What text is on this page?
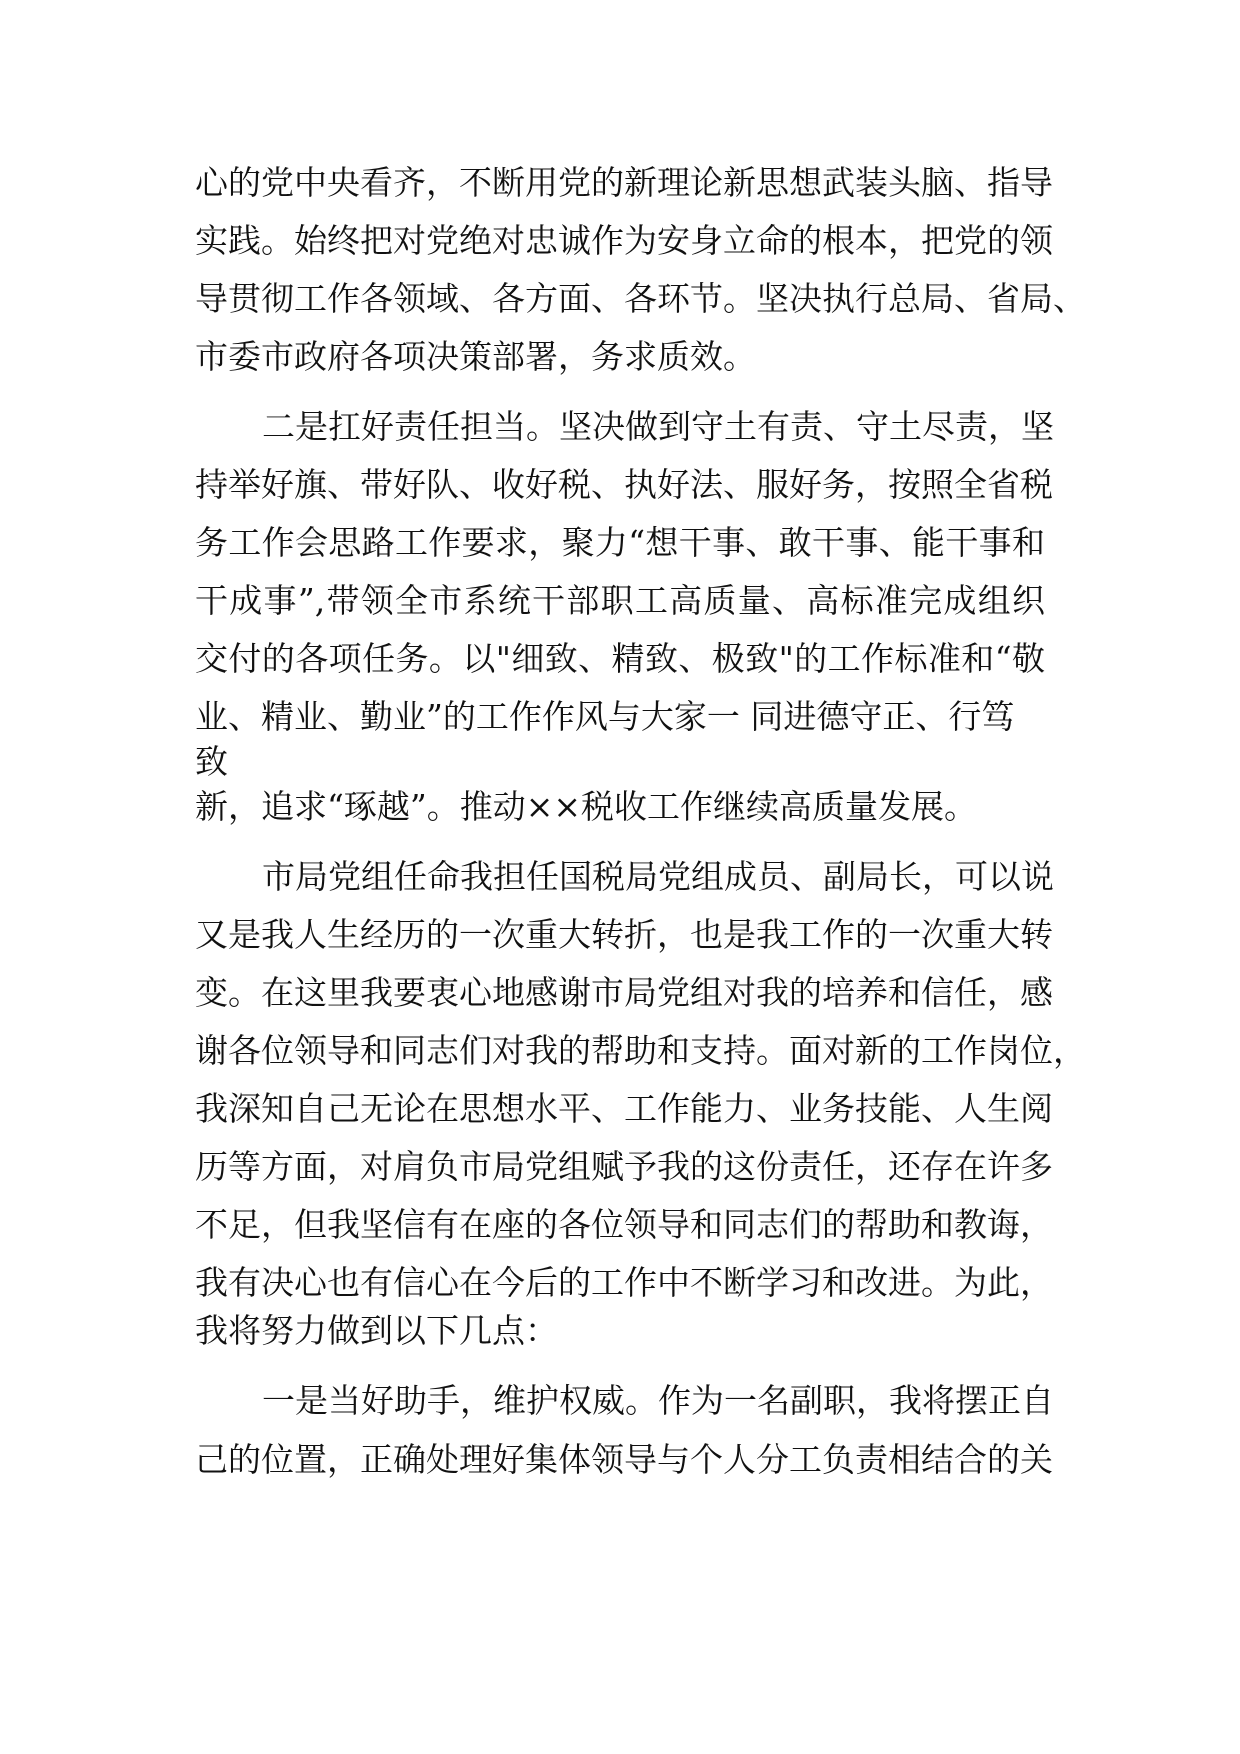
心的党中央看齐，不断用党的新理论新思想武装头脑、指导
实践。始终把对党绝对忠诚作为安身立命的根本，把党的领
导贯彻工作各领域、各方面、各环节。坚决执行总局、省局、
市委市政府各项决策部署，务求质效。
二是扛好责任担当。坚决做到守土有责、守土尽责，坚
持举好旗、带好队、收好税、执好法、服好务，按照全省税
务工作会思路工作要求，聚力“想干事、敢干事、能干事和
干成事”,带领全市系统干部职工高质量、高标准完成组织
交付的各项任务。以"细致、精致、极致"的工作标准和“敬
业、精业、勤业”的工作作风与大家一 同进德守正、行笃
致
新，追求“琢越”。推动××税收工作继续高质量发展。
市局党组任命我担任国税局党组成员、副局长，可以说
又是我人生经历的一次重大转折，也是我工作的一次重大转
变。在这里我要衷心地感谢市局党组对我的培养和信任，感
谢各位领导和同志们对我的帮助和支持。面对新的工作岗位，
我深知自己无论在思想水平、工作能力、业务技能、人生阅
历等方面，对肩负市局党组赋予我的这份责任，还存在许多
不足，但我坚信有在座的各位领导和同志们的帮助和教诲，
我有决心也有信心在今后的工作中不断学习和改进。为此，
我将努力做到以下几点：
一是当好助手，维护权威。作为一名副职，我将摆正自
己的位置，正确处理好集体领导与个人分工负责相结合的关
